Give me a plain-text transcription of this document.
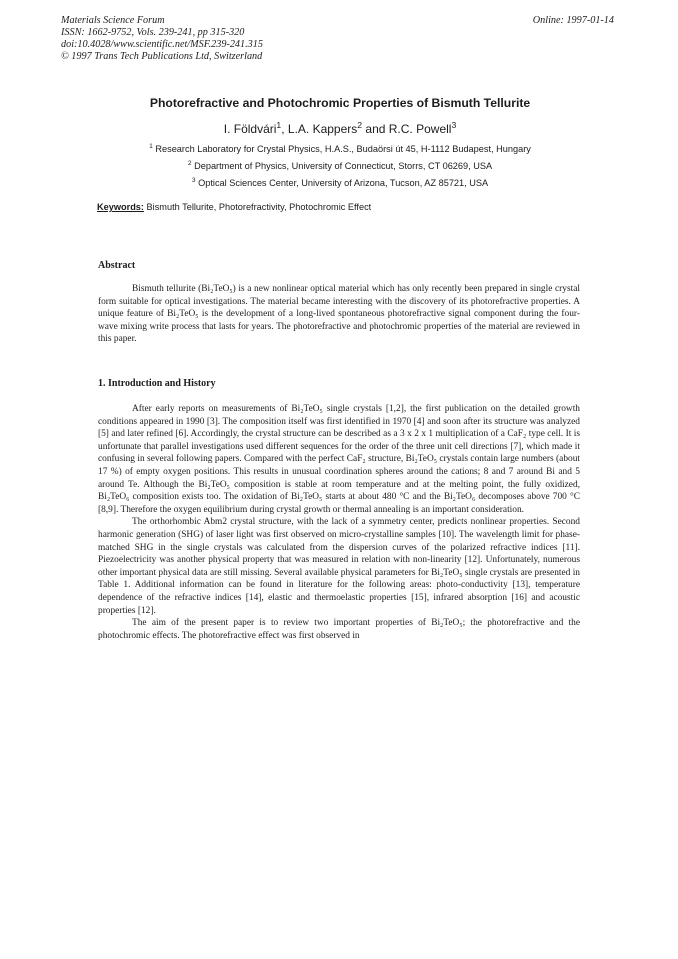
Materials Science Forum
ISSN: 1662-9752, Vols. 239-241, pp 315-320
doi:10.4028/www.scientific.net/MSF.239-241.315
© 1997 Trans Tech Publications Ltd, Switzerland
Online: 1997-01-14
Photorefractive and Photochromic Properties of Bismuth Tellurite
I. Földvári$^1$, L.A. Kappers$^2$ and R.C. Powell$^3$
$^1$ Research Laboratory for Crystal Physics, H.A.S., Budaörsi út 45, H-1112 Budapest, Hungary
$^2$ Department of Physics, University of Connecticut, Storrs, CT 06269, USA
$^3$ Optical Sciences Center, University of Arizona, Tucson, AZ 85721, USA
Keywords: Bismuth Tellurite, Photorefractivity, Photochromic Effect
Abstract

Bismuth tellurite (Bi₂TeO₅) is a new nonlinear optical material which has only recently been prepared in single crystal form suitable for optical investigations. The material became interesting with the discovery of its photorefractive properties. A unique feature of Bi₂TeO₅ is the development of a long-lived spontaneous photorefractive signal component during the four-wave mixing write process that lasts for years. The photorefractive and photochromic properties of the material are reviewed in this paper.

1. Introduction and History

After early reports on measurements of Bi₂TeO₅ single crystals [1,2], the first publication on the detailed growth conditions appeared in 1990 [3]. The composition itself was first identified in 1970 [4] and soon after its structure was analyzed [5] and later refined [6]. Accordingly, the crystal structure can be described as a 3 x 2 x 1 multiplication of a CaF₂ type cell. It is unfortunate that parallel investigations used different sequences for the order of the three unit cell directions [7], which made it confusing in several following papers. Compared with the perfect CaF₂ structure, Bi₂TeO₅ crystals contain large numbers (about 17 %) of empty oxygen positions. This results in unusual coordination spheres around the cations; 8 and 7 around Bi and 5 around Te. Although the Bi₂TeO₅ composition is stable at room temperature and at the melting point, the fully oxidized, Bi₂TeO₆ composition exists too. The oxidation of Bi₂TeO₅ starts at about 480 °C and the Bi₂TeO₆ decomposes above 700 °C [8,9]. Therefore the oxygen equilibrium during crystal growth or thermal annealing is an important consideration.

The orthorhombic Abm2 crystal structure, with the lack of a symmetry center, predicts nonlinear properties. Second harmonic generation (SHG) of laser light was first observed on micro-crystalline samples [10]. The wavelength limit for phase-matched SHG in the single crystals was calculated from the dispersion curves of the polarized refractive indices [11]. Piezoelectricity was another physical property that was measured in relation with non-linearity [12]. Unfortunately, numerous other important physical data are still missing. Several available physical parameters for Bi₂TeO₅ single crystals are presented in Table 1. Additional information can be found in literature for the following areas: photo-conductivity [13], temperature dependence of the refractive indices [14], elastic and thermoelastic properties [15], infrared absorption [16] and acoustic properties [12].

The aim of the present paper is to review two important properties of Bi₂TeO₅; the photorefractive and the photochromic effects. The photorefractive effect was first observed in
